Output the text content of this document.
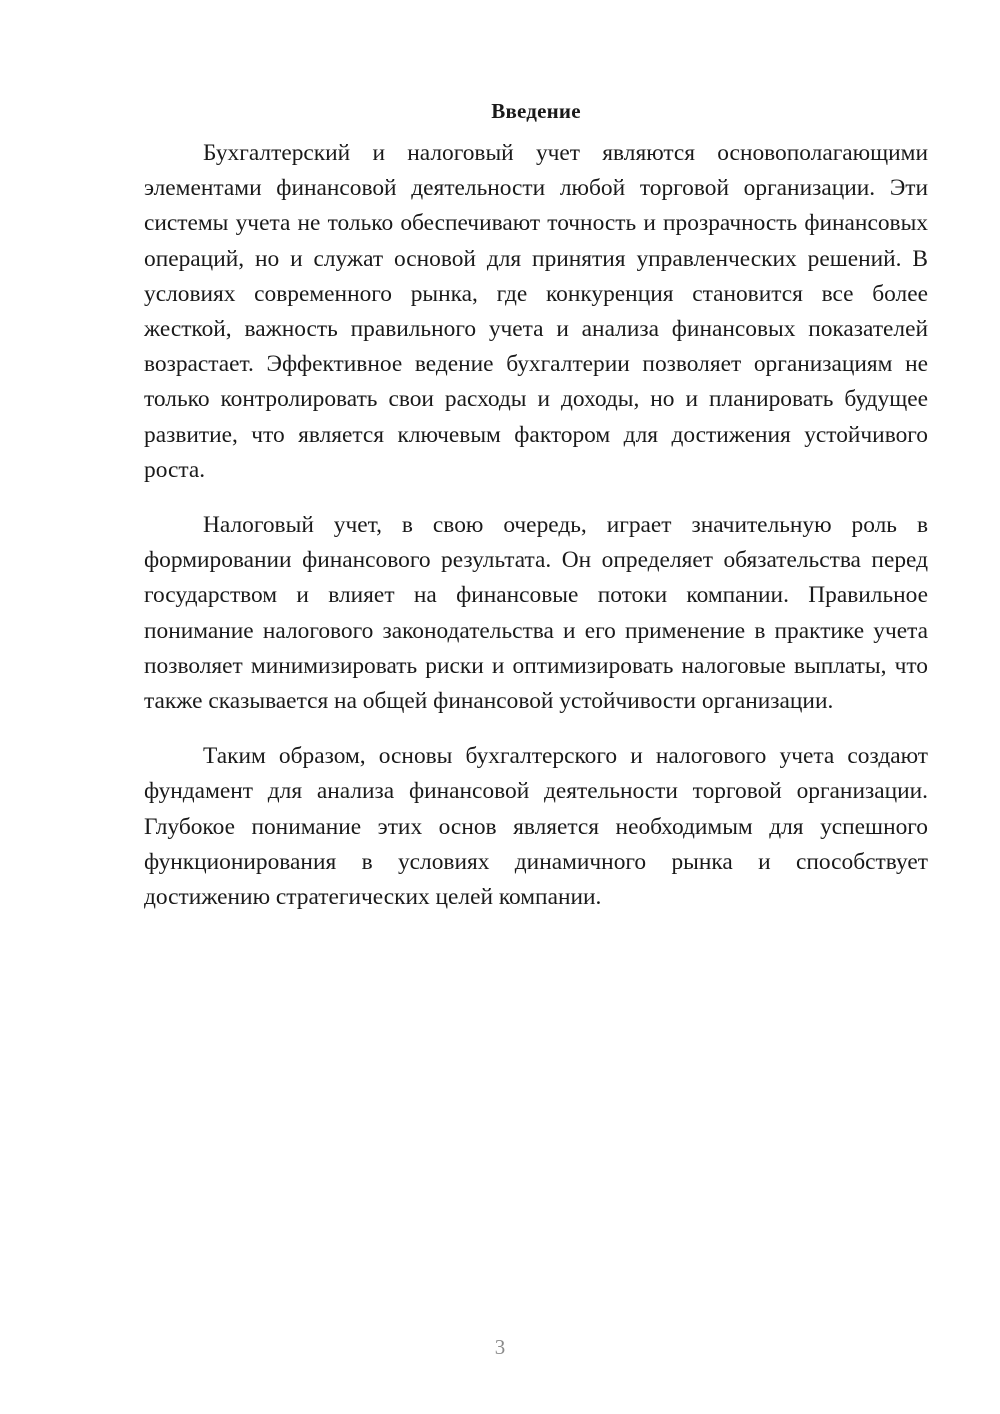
Введение

Бухгалтерский и налоговый учет являются основополагающими элементами финансовой деятельности любой торговой организации. Эти системы учета не только обеспечивают точность и прозрачность финансовых операций, но и служат основой для принятия управленческих решений. В условиях современного рынка, где конкуренция становится все более жесткой, важность правильного учета и анализа финансовых показателей возрастает. Эффективное ведение бухгалтерии позволяет организациям не только контролировать свои расходы и доходы, но и планировать будущее развитие, что является ключевым фактором для достижения устойчивого роста.

Налоговый учет, в свою очередь, играет значительную роль в формировании финансового результата. Он определяет обязательства перед государством и влияет на финансовые потоки компании. Правильное понимание налогового законодательства и его применение в практике учета позволяет минимизировать риски и оптимизировать налоговые выплаты, что также сказывается на общей финансовой устойчивости организации.

Таким образом, основы бухгалтерского и налогового учета создают фундамент для анализа финансовой деятельности торговой организации. Глубокое понимание этих основ является необходимым для успешного функционирования в условиях динамичного рынка и способствует достижению стратегических целей компании.

3
